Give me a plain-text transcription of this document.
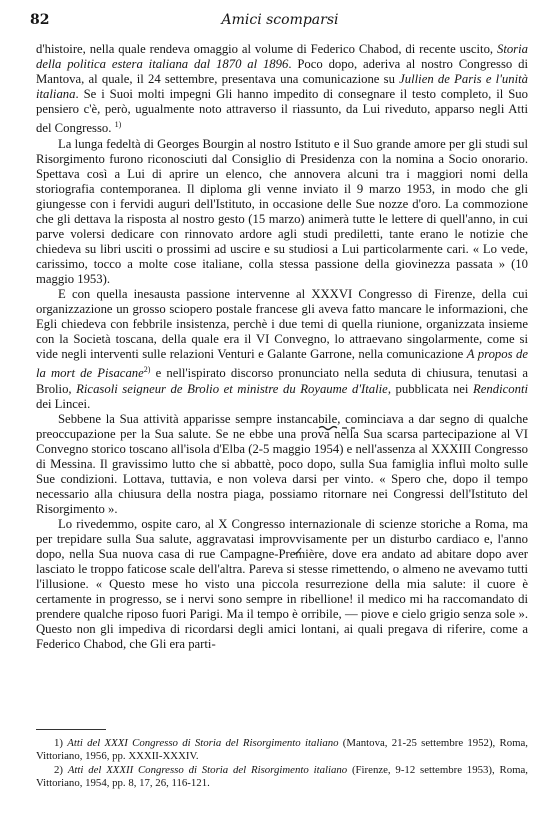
82	Amici scomparsi

d'histoire, nella quale rendeva omaggio al volume di Federico Chabod, di recente uscito, Storia della politica estera italiana dal 1870 al 1896. Poco dopo, aderiva al nostro Congresso di Mantova, al quale, il 24 settembre, presentava una comunicazione su Jullien de Paris e l'unità italiana. Se i Suoi molti impegni Gli hanno impedito di consegnare il testo completo, il Suo pensiero c'è, però, ugualmente noto attraverso il riassunto, da Lui riveduto, apparso negli Atti del Congresso. $^{1)}$

La lunga fedeltà di Georges Bourgin al nostro Istituto e il Suo grande amore per gli studi sul Risorgimento furono riconosciuti dal Consiglio di Presidenza con la nomina a Socio onorario. Spettava così a Lui di aprire un elenco, che annovera alcuni tra i maggiori nomi della storiografia contemporanea. Il diploma gli venne inviato il 9 marzo 1953, in modo che gli giungesse con i fervidi auguri dell'Istituto, in occasione delle Sue nozze d'oro. La commozione che gli dettava la risposta al nostro gesto (15 marzo) animerà tutte le lettere di quell'anno, in cui parve volersi dedicare con rinnovato ardore agli studi prediletti, tante erano le notizie che chiedeva su libri usciti o prossimi ad uscire e su studiosi a Lui particolarmente cari. « Lo vede, carissimo, tocco a molte cose italiane, colla stessa passione della giovinezza passata » (10 maggio 1953).

E con quella inesausta passione intervenne al XXXVI Congresso di Firenze, della cui organizzazione un grosso sciopero postale francese gli aveva fatto mancare le informazioni, che Egli chiedeva con febbrile insistenza, perchè i due temi di quella riunione, organizzata insieme con la Società toscana, della quale era il VI Convegno, lo attraevano singolarmente, come si vide negli interventi sulle relazioni Venturi e Galante Garrone, nella comunicazione A propos de la mort de Pisacane$^{2)}$ e nell'ispirato discorso pronunciato nella seduta di chiusura, tenutasi a Brolio, Ricasoli seigneur de Brolio et ministre du Royaume d'Italie, pubblicata nei Rendiconti dei Lincei.

Sebbene la Sua attività apparisse sempre instancabile, cominciava a dar segno di qualche preoccupazione per la Sua salute. Se ne ebbe una prova nella Sua scarsa partecipazione al VI Convegno storico toscano all'isola d'Elba (2-5 maggio 1954) e nell'assenza al XXXIII Congresso di Messina. Il gravissimo lutto che si abbattè, poco dopo, sulla Sua famiglia influì molto sulle Sue condizioni. Lottava, tuttavia, e non voleva darsi per vinto. « Spero che, dopo il tempo necessario alla chiusura della nostra piaga, possiamo ritornare nei Congressi dell'Istituto del Risorgimento ».

Lo rivedemmo, ospite caro, al X Congresso internazionale di scienze storiche a Roma, ma per trepidare sulla Sua salute, aggravatasi improvvisamente per un disturbo cardiaco e, l'anno dopo, nella Sua nuova casa di rue Campagne-Première, dove era andato ad abitare dopo aver lasciato le troppo faticose scale dell'altra. Pareva si stesse rimettendo, o almeno ne avevamo tutti l'illusione. « Questo mese ho visto una piccola resurrezione della mia salute: il cuore è certamente in progresso, se i nervi sono sempre in ribellione! il medico mi ha raccomandato di prendere qualche riposo fuori Parigi. Ma il tempo è orribile, — piove e cielo grigio senza sole ». Questo non gli impediva di ricordarsi degli amici lontani, ai quali pregava di riferire, come a Federico Chabod, che Gli era parti-

1) Atti del XXXI Congresso di Storia del Risorgimento italiano (Mantova, 21-25 settembre 1952), Roma, Vittoriano, 1956, pp. XXXII-XXXIV.

2) Atti del XXXII Congresso di Storia del Risorgimento italiano (Firenze, 9-12 settembre 1953), Roma, Vittoriano, 1954, pp. 8, 17, 26, 116-121.
